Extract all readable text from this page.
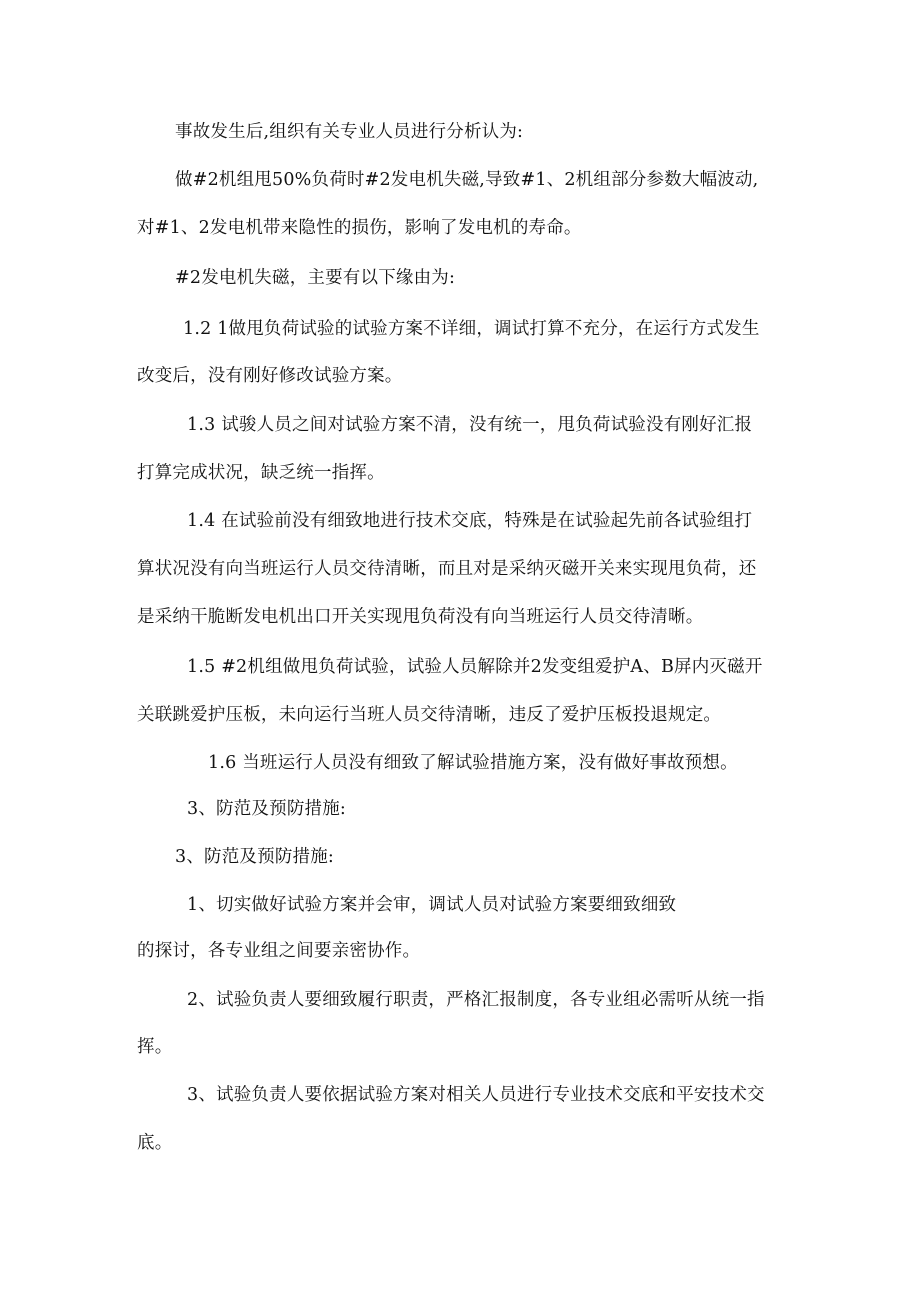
事故发生后,组织有关专业人员进行分析认为:
做#2机组甩50%负荷时#2发电机失磁,导致#1、2机组部分参数大幅波动,
对#1、2发电机带来隐性的损伤，影响了发电机的寿命。
#2发电机失磁，主要有以下缘由为:
1.2 1做甩负荷试验的试验方案不详细，调试打算不充分，在运行方式发生
改变后，没有刚好修改试验方案。
1.3 试骏人员之间对试验方案不清，没有统一，甩负荷试验没有刚好汇报
打算完成状况，缺乏统一指挥。
1.4 在试验前没有细致地进行技术交底，特殊是在试验起先前各试验组打
算状况没有向当班运行人员交待清晰，而且对是采纳灭磁开关来实现甩负荷，还
是采纳干脆断发电机出口开关实现甩负荷没有向当班运行人员交待清晰。
1.5 #2机组做甩负荷试验，试验人员解除并2发变组爱护A、B屏内灭磁开
关联跳爱护压板，未向运行当班人员交待清晰，违反了爱护压板投退规定。
1.6 当班运行人员没有细致了解试验措施方案，没有做好事故预想。
3、防范及预防措施:
3、防范及预防措施:
1、切实做好试验方案并会审，调试人员对试验方案要细致细致
的探讨，各专业组之间要亲密协作。
2、试验负责人要细致履行职责，严格汇报制度，各专业组必需听从统一指
挥。
3、试验负责人要依据试验方案对相关人员进行专业技术交底和平安技术交
底。
